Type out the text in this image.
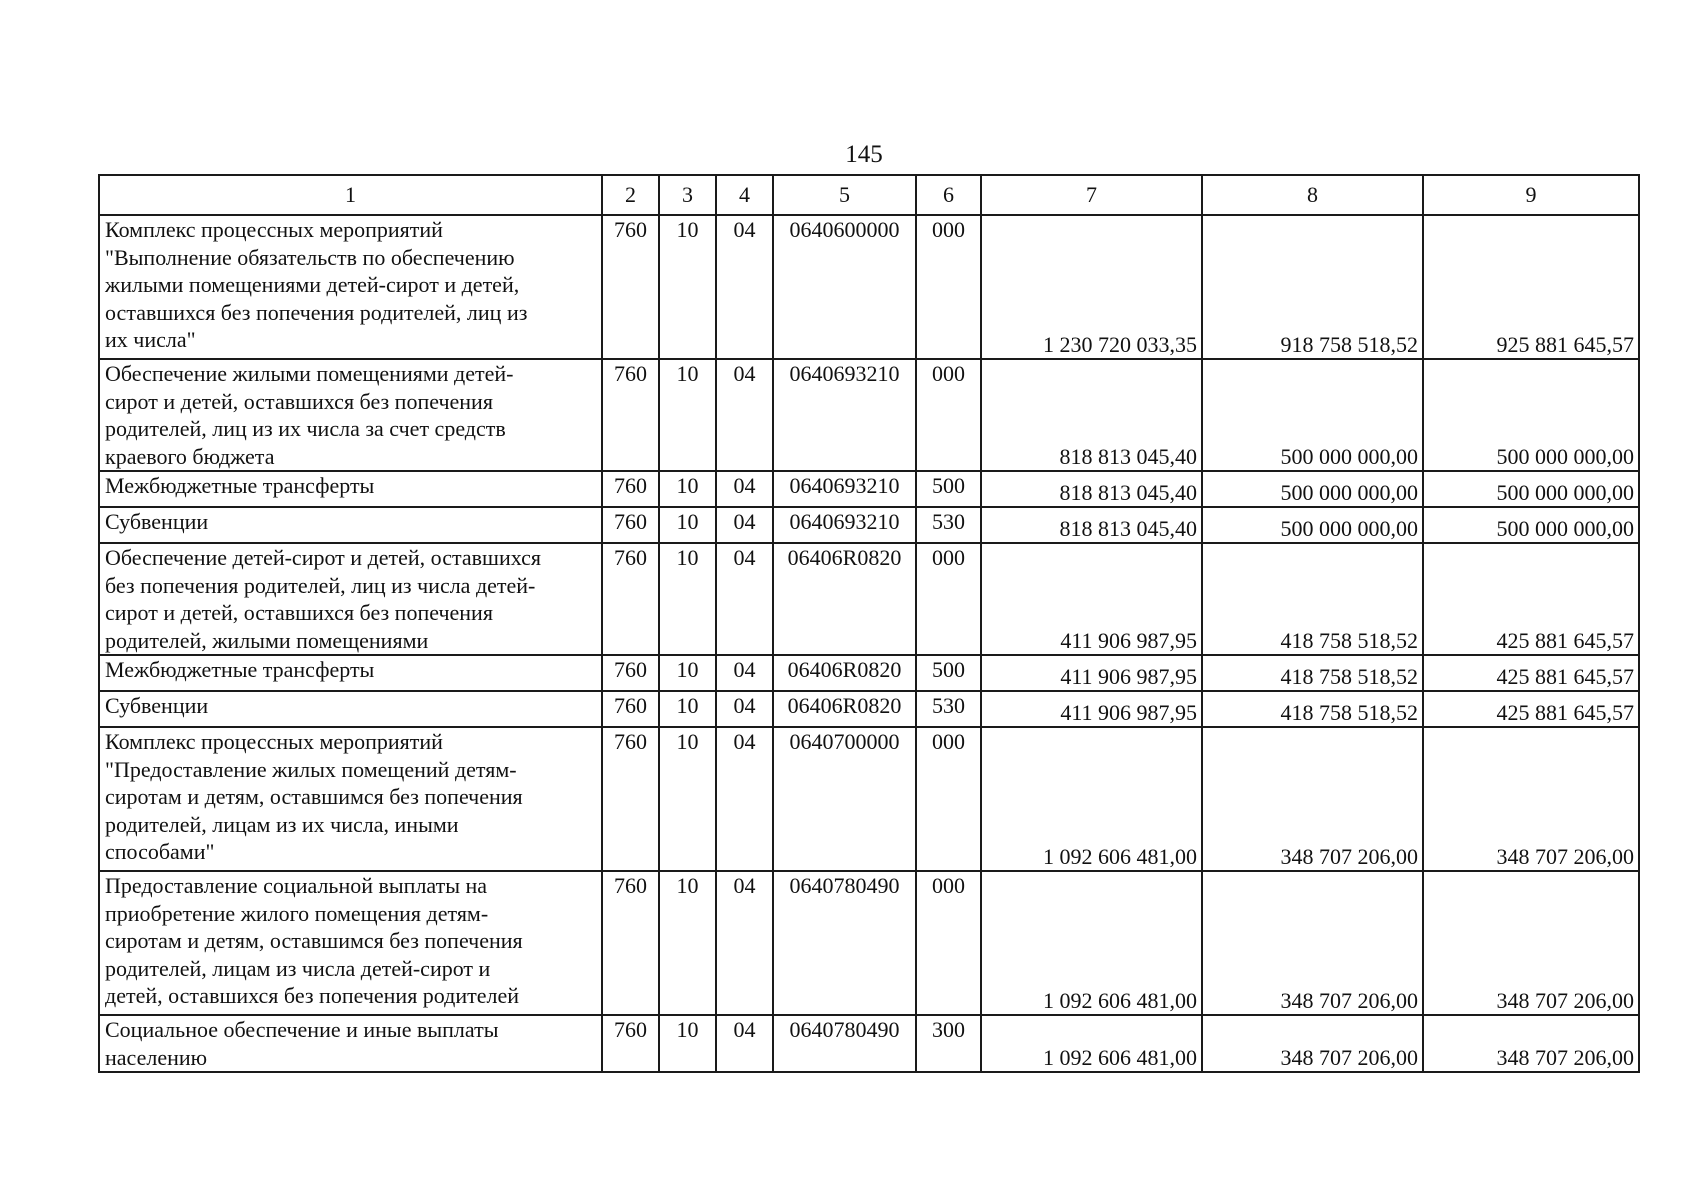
145
1	2	3	4	5	6	7	8	9
Комплекс процессных мероприятий
"Выполнение обязательств по обеспечению
жилыми помещениями детей-сирот и детей,
оставшихся без попечения родителей, лиц из
их числа"	760	10	04	0640600000	000	1 230 720 033,35	918 758 518,52	925 881 645,57
Обеспечение жилыми помещениями детей-
сирот и детей, оставшихся без попечения
родителей, лиц из их числа за счет средств
краевого бюджета	760	10	04	0640693210	000	818 813 045,40	500 000 000,00	500 000 000,00
Межбюджетные трансферты	760	10	04	0640693210	500	818 813 045,40	500 000 000,00	500 000 000,00
Субвенции	760	10	04	0640693210	530	818 813 045,40	500 000 000,00	500 000 000,00
Обеспечение детей-сирот и детей, оставшихся
без попечения родителей, лиц из числа детей-
сирот и детей, оставшихся без попечения
родителей, жилыми помещениями	760	10	04	06406R0820	000	411 906 987,95	418 758 518,52	425 881 645,57
Межбюджетные трансферты	760	10	04	06406R0820	500	411 906 987,95	418 758 518,52	425 881 645,57
Субвенции	760	10	04	06406R0820	530	411 906 987,95	418 758 518,52	425 881 645,57
Комплекс процессных мероприятий
"Предоставление жилых помещений детям-
сиротам и детям, оставшимся без попечения
родителей, лицам из их числа, иными
способами"	760	10	04	0640700000	000	1 092 606 481,00	348 707 206,00	348 707 206,00
Предоставление социальной выплаты на
приобретение жилого помещения детям-
сиротам и детям, оставшимся без попечения
родителей, лицам из числа детей-сирот и
детей, оставшихся без попечения родителей	760	10	04	0640780490	000	1 092 606 481,00	348 707 206,00	348 707 206,00
Социальное обеспечение и иные выплаты
населению	760	10	04	0640780490	300	1 092 606 481,00	348 707 206,00	348 707 206,00
